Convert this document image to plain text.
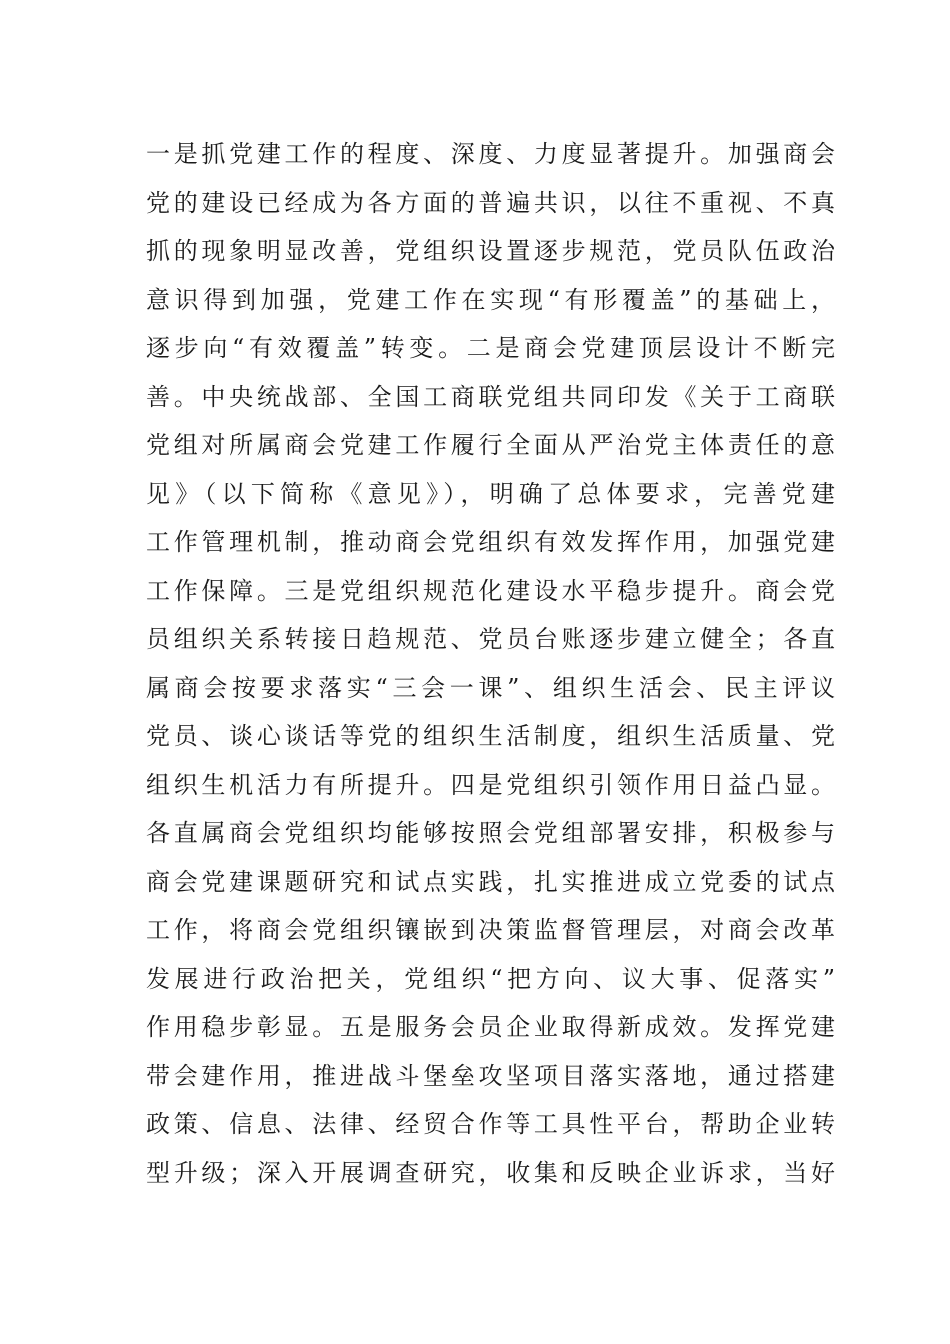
一是抓党建工作的程度、深度、力度显著提升。加强商会
党的建设已经成为各方面的普遍共识，以往不重视、不真
抓的现象明显改善，党组织设置逐步规范，党员队伍政治
意识得到加强，党建工作在实现“有形覆盖”的基础上，
逐步向“有效覆盖”转变。二是商会党建顶层设计不断完
善。中央统战部、全国工商联党组共同印发《关于工商联
党组对所属商会党建工作履行全面从严治党主体责任的意
见》（以下简称《意见》），明确了总体要求，完善党建
工作管理机制，推动商会党组织有效发挥作用，加强党建
工作保障。三是党组织规范化建设水平稳步提升。商会党
员组织关系转接日趋规范、党员台账逐步建立健全；各直
属商会按要求落实“三会一课”、组织生活会、民主评议
党员、谈心谈话等党的组织生活制度，组织生活质量、党
组织生机活力有所提升。四是党组织引领作用日益凸显。
各直属商会党组织均能够按照会党组部署安排，积极参与
商会党建课题研究和试点实践，扎实推进成立党委的试点
工作，将商会党组织镶嵌到决策监督管理层，对商会改革
发展进行政治把关，党组织“把方向、议大事、促落实”
作用稳步彰显。五是服务会员企业取得新成效。发挥党建
带会建作用，推进战斗堡垒攻坚项目落实落地，通过搭建
政策、信息、法律、经贸合作等工具性平台，帮助企业转
型升级；深入开展调查研究，收集和反映企业诉求，当好
